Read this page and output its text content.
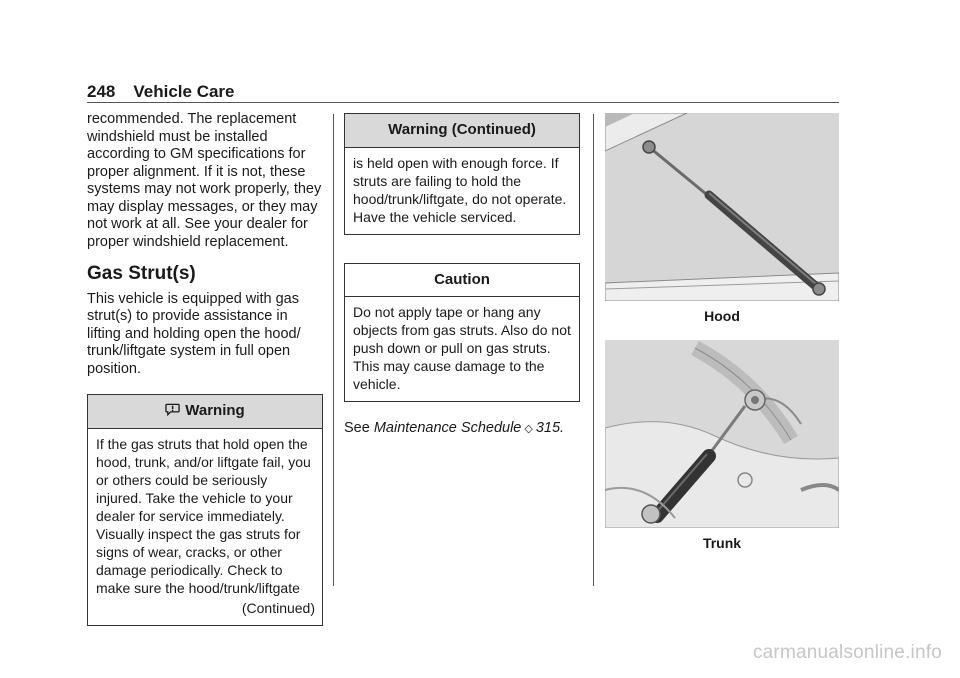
248 Vehicle Care

recommended. The replacement windshield must be installed according to GM specifications for proper alignment. If it is not, these systems may not work properly, they may display messages, or they may not work at all. See your dealer for proper windshield replacement.

Gas Strut(s)

This vehicle is equipped with gas strut(s) to provide assistance in lifting and holding open the hood/ trunk/liftgate system in full open position.

Warning

If the gas struts that hold open the hood, trunk, and/or liftgate fail, you or others could be seriously injured. Take the vehicle to your dealer for service immediately. Visually inspect the gas struts for signs of wear, cracks, or other damage periodically. Check to make sure the hood/trunk/liftgate

(Continued)

Warning (Continued)

is held open with enough force. If struts are failing to hold the hood/trunk/liftgate, do not operate. Have the vehicle serviced.

Caution

Do not apply tape or hang any objects from gas struts. Also do not push down or pull on gas struts. This may cause damage to the vehicle.

See Maintenance Schedule ◇ 315.

Hood
Trunk
carmanualsonline.info
